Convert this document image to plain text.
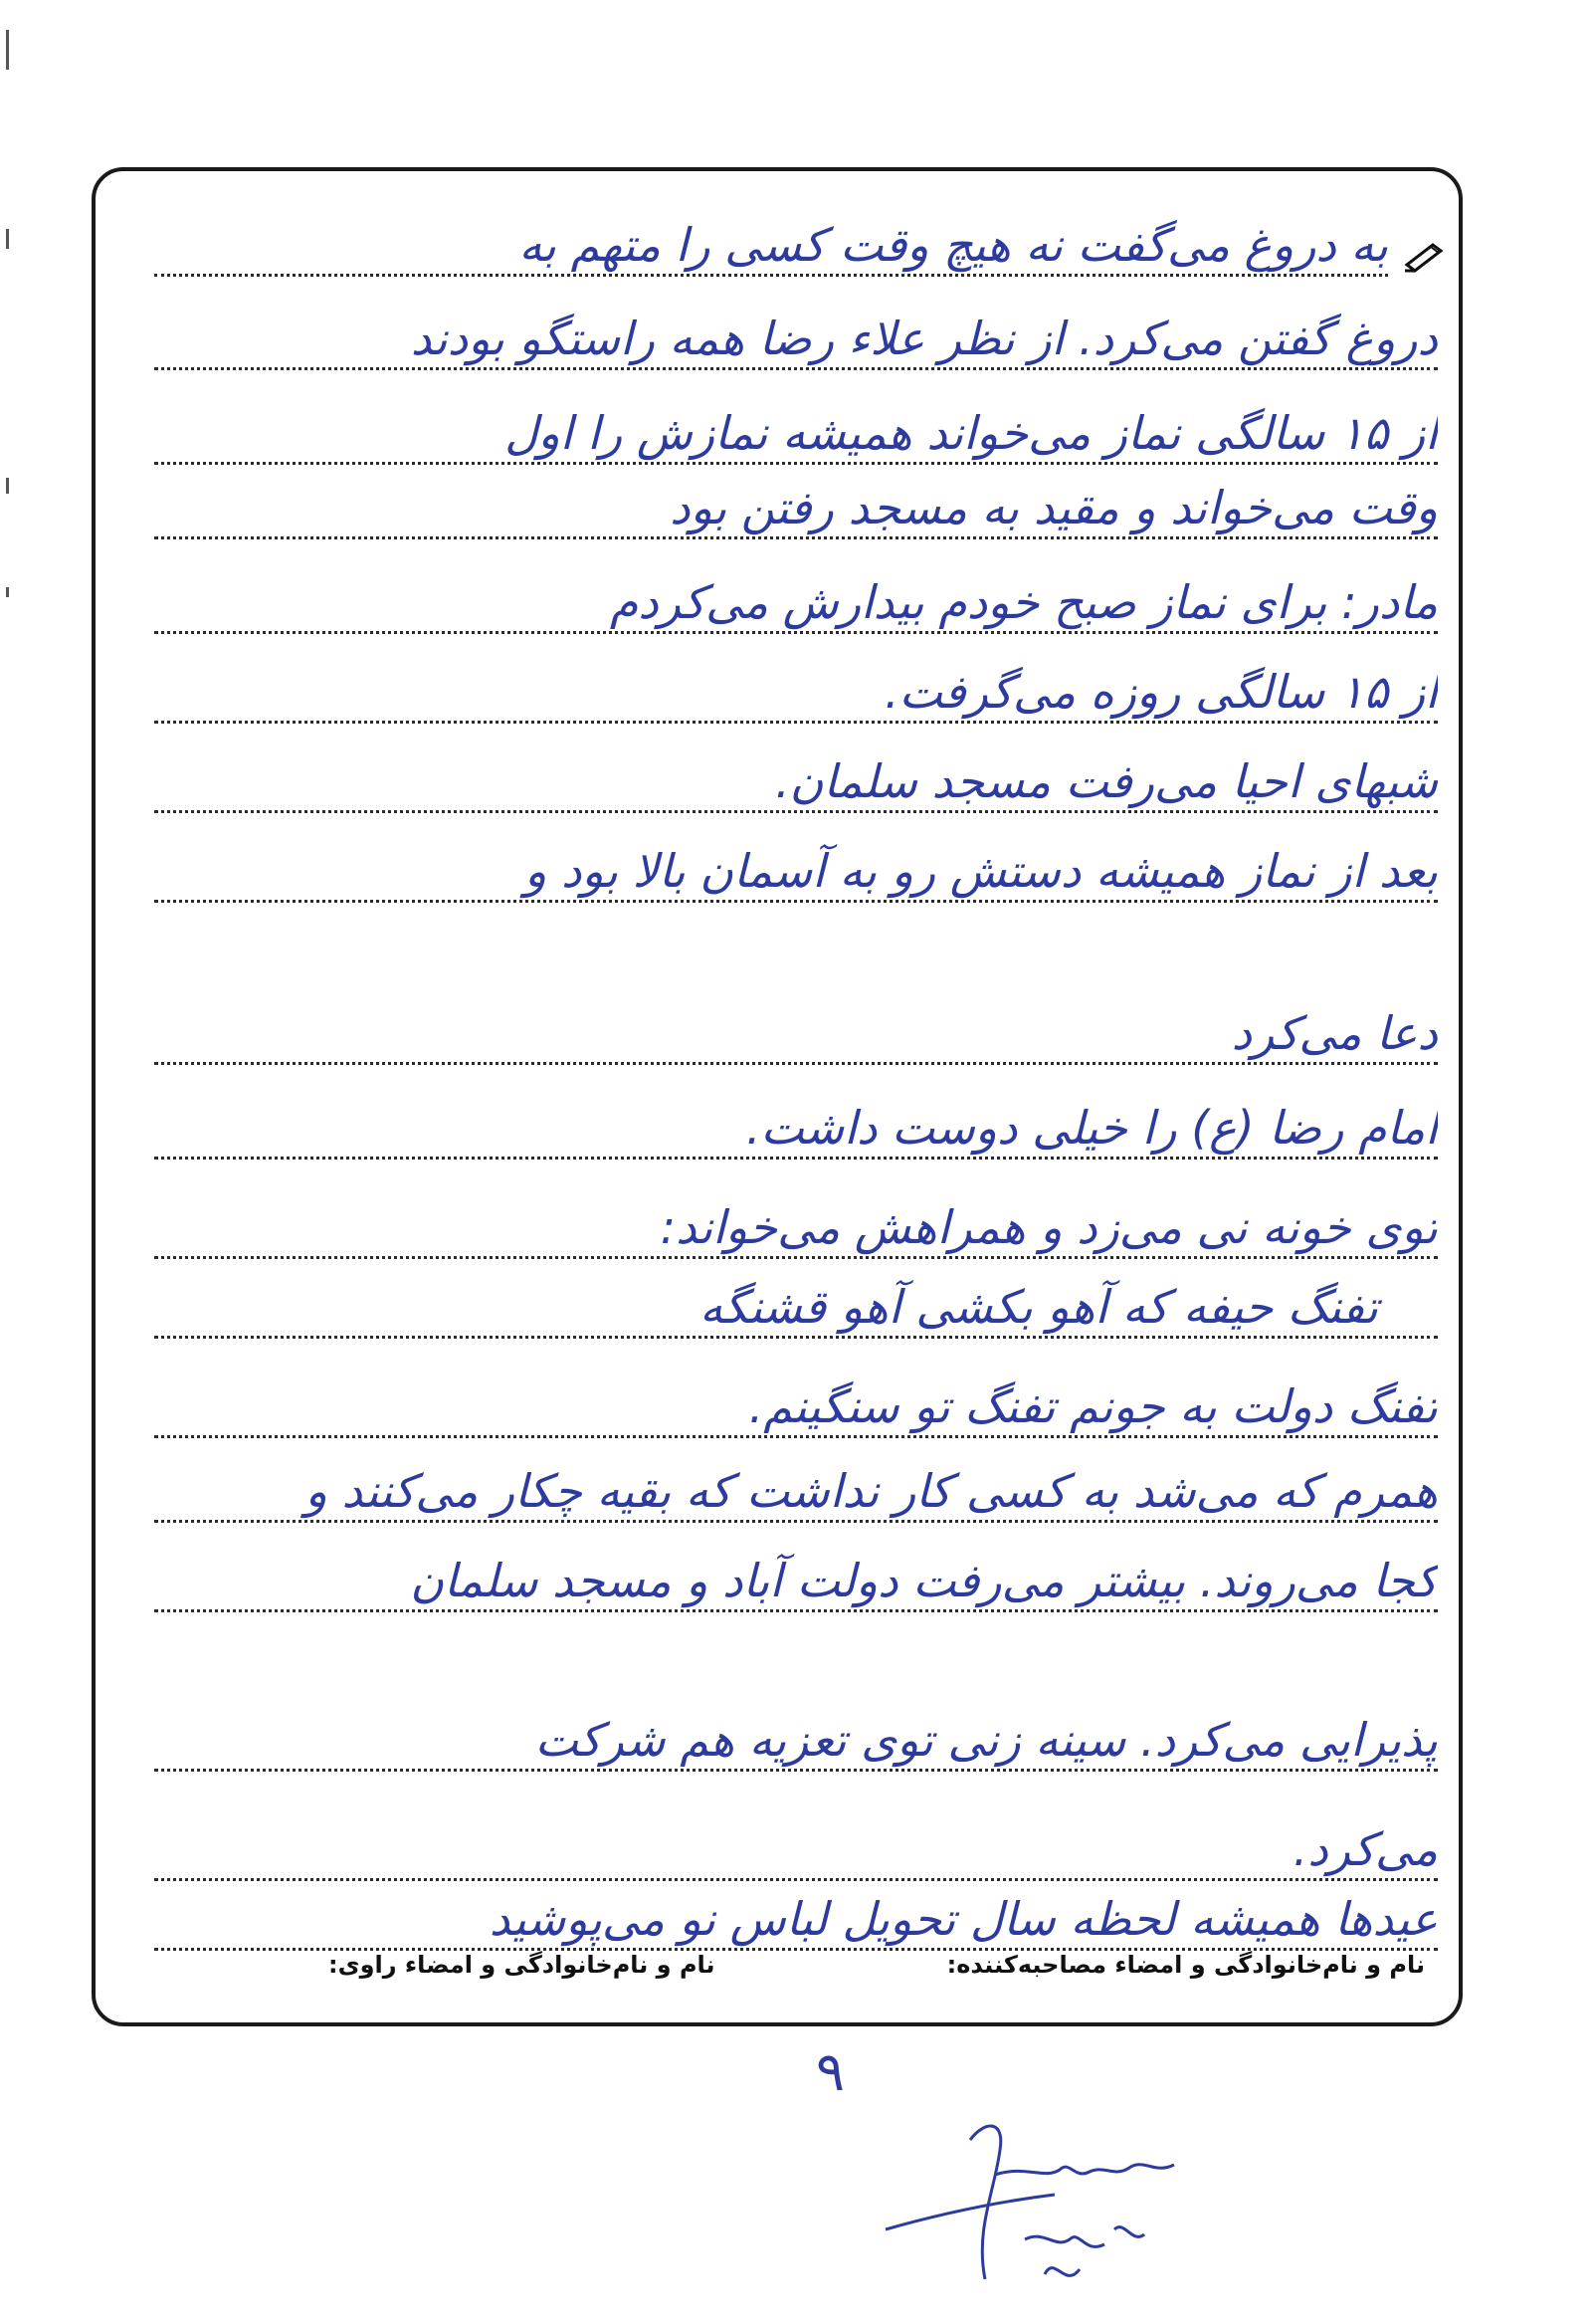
به دروغ می‌گفت نه هیچ وقت کسی را متهم به
دروغ گفتن می‌کرد. از نظر علاء رضا همه راستگو بودند
از ۱۵ سالگی نماز می‌خواند همیشه نمازش را اول
وقت می‌خواند و مقید به مسجد رفتن بود
مادر: برای نماز صبح خودم بیدارش می‌کردم
از ۱۵ سالگی روزه می‌گرفت.
شبهای احیا می‌رفت مسجد سلمان.
بعد از نماز همیشه دستش رو به آسمان بالا بود و
دعا می‌کرد
امام رضا (ع) را خیلی دوست داشت.
توی خونه نی می‌زد و همراهش می‌خواند:
تفنگ حیفه که آهو بکشی آهو قشنگه
تفنگ دولت به جونم تفنگ تو سنگینم.
همرم که می‌شد به کسی کار نداشت که بقیه چکار می‌کنند و
کجا می‌روند. بیشتر می‌رفت دولت آباد و مسجد سلمان
پذیرایی می‌کرد. سینه زنی توی تعزیه هم شرکت
می‌کرد.
عیدها همیشه لحظه سال تحویل لباس نو می‌پوشید
نام و نام‌خانوادگی و امضاء مصاحبه‌کننده:
نام و نام‌خانوادگی و امضاء راوی:
۹
